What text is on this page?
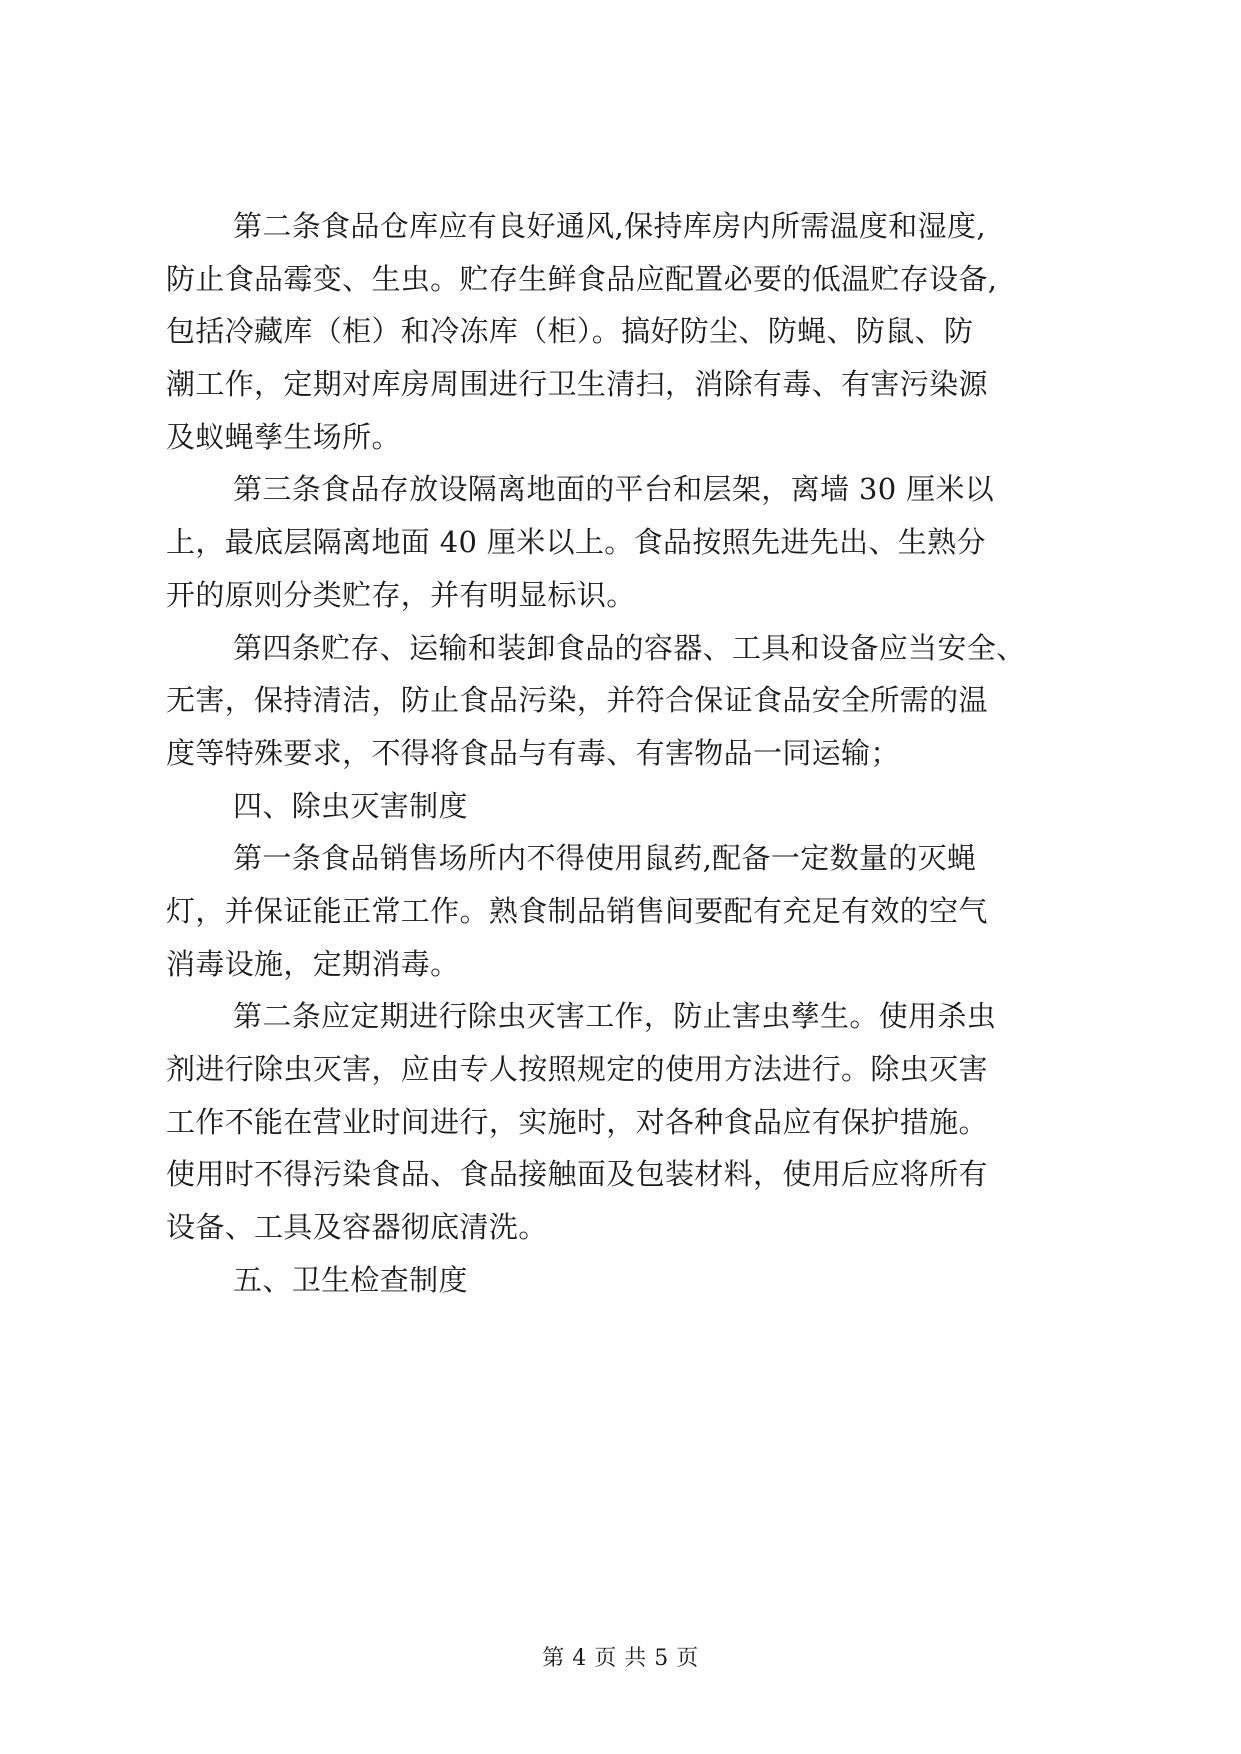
第二条食品仓库应有良好通风,保持库房内所需温度和湿度,
防止食品霉变、生虫。贮存生鲜食品应配置必要的低温贮存设备,
包括冷藏库（柜）和冷冻库（柜）。搞好防尘、防蝇、防鼠、防
潮工作，定期对库房周围进行卫生清扫，消除有毒、有害污染源
及蚁蝇孳生场所。
第三条食品存放设隔离地面的平台和层架，离墙 30 厘米以
上，最底层隔离地面 40 厘米以上。食品按照先进先出、生熟分
开的原则分类贮存，并有明显标识。
第四条贮存、运输和装卸食品的容器、工具和设备应当安全、
无害，保持清洁，防止食品污染，并符合保证食品安全所需的温
度等特殊要求，不得将食品与有毒、有害物品一同运输；
四、除虫灭害制度
第一条食品销售场所内不得使用鼠药,配备一定数量的灭蝇
灯，并保证能正常工作。熟食制品销售间要配有充足有效的空气
消毒设施，定期消毒。
第二条应定期进行除虫灭害工作，防止害虫孳生。使用杀虫
剂进行除虫灭害，应由专人按照规定的使用方法进行。除虫灭害
工作不能在营业时间进行，实施时，对各种食品应有保护措施。
使用时不得污染食品、食品接触面及包装材料，使用后应将所有
设备、工具及容器彻底清洗。
五、卫生检查制度
第 4 页 共 5 页
